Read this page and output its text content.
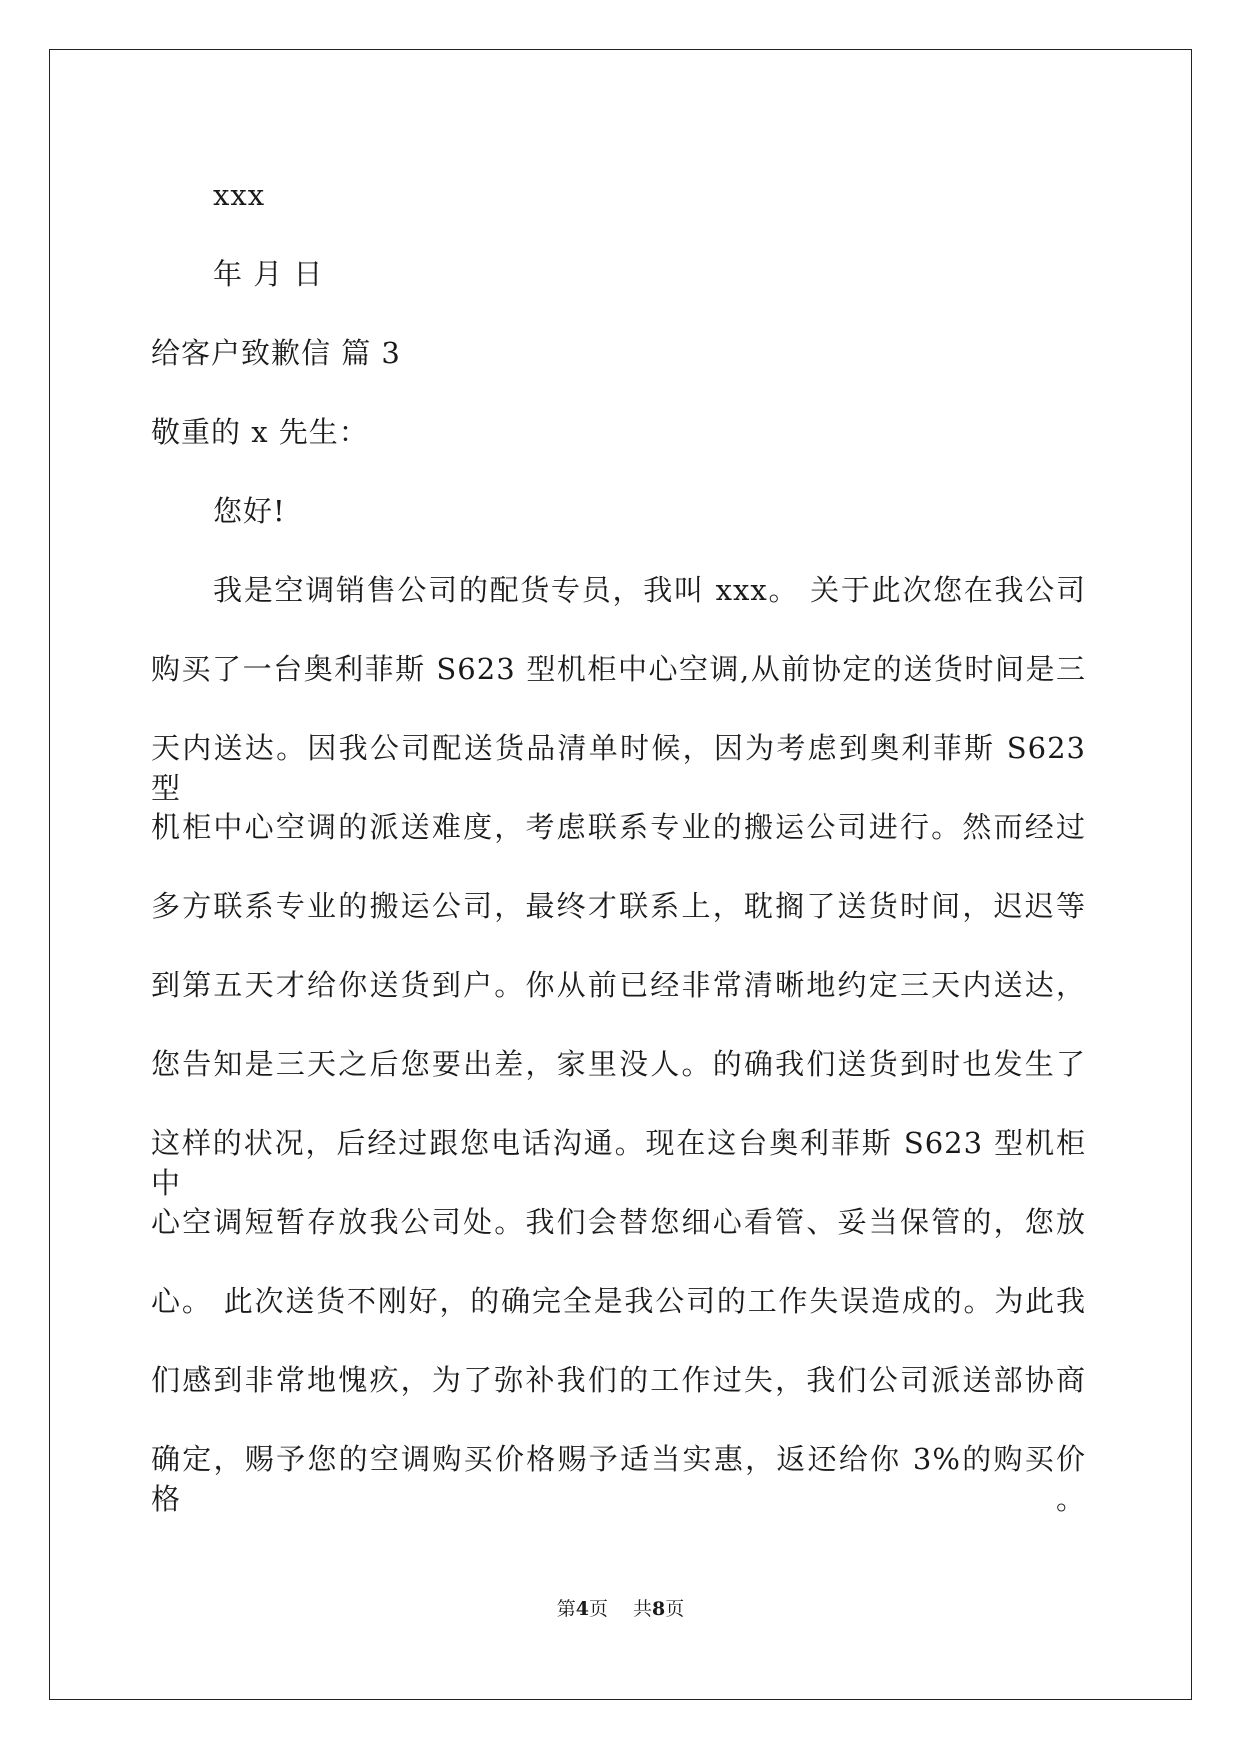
xxx
年 月 日
给客户致歉信 篇 3
敬重的 x 先生：
您好!
我是空调销售公司的配货专员，我叫 xxx。 关于此次您在我公司
购买了一台奥利菲斯 S623 型机柜中心空调,从前协定的送货时间是三
天内送达。因我公司配送货品清单时候，因为考虑到奥利菲斯 S623 型
机柜中心空调的派送难度，考虑联系专业的搬运公司进行。然而经过
多方联系专业的搬运公司，最终才联系上，耽搁了送货时间，迟迟等
到第五天才给你送货到户。你从前已经非常清晰地约定三天内送达，
您告知是三天之后您要出差，家里没人。的确我们送货到时也发生了
这样的状况，后经过跟您电话沟通。现在这台奥利菲斯 S623 型机柜中
心空调短暂存放我公司处。我们会替您细心看管、妥当保管的，您放
心。 此次送货不刚好，的确完全是我公司的工作失误造成的。为此我
们感到非常地愧疚，为了弥补我们的工作过失，我们公司派送部协商
确定，赐予您的空调购买价格赐予适当实惠，返还给你 3%的购买价格。
第4页　 共8页
